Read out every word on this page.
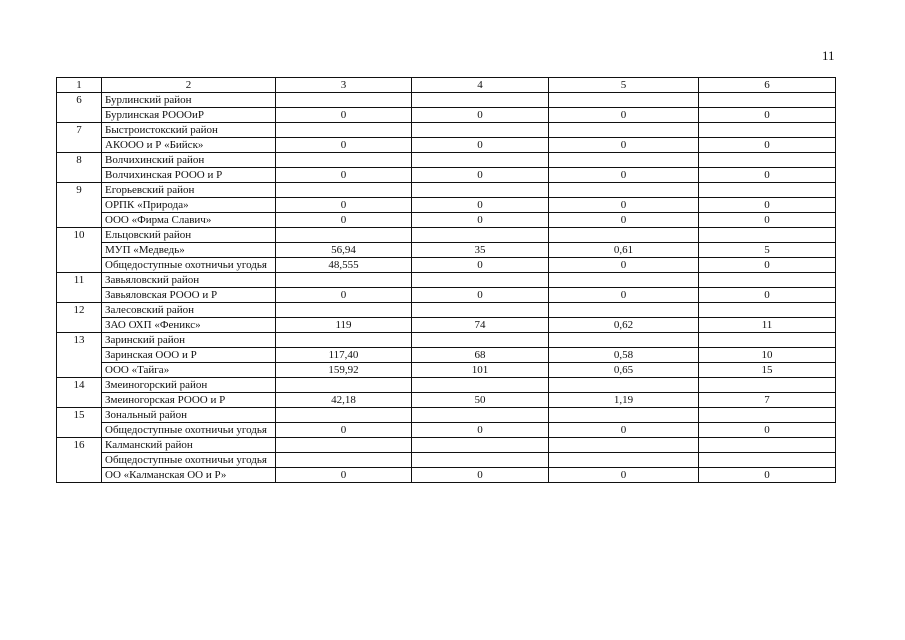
11
1	2	3	4	5	6
6	Бурлинский район				
	Бурлинская РОООиР	0	0	0	0
7	Быстроистокский район				
	АКООО и Р «Бийск»	0	0	0	0
8	Волчихинский район				
	Волчихинская РООО и Р	0	0	0	0
9	Егорьевский район				
	ОРПК «Природа»	0	0	0	0
	ООО «Фирма Славич»	0	0	0	0
10	Ельцовский район				
	МУП «Медведь»	56,94	35	0,61	5
	Общедоступные охотничьи угодья	48,555	0	0	0
11	Завьяловский район				
	Завьяловская РООО и Р	0	0	0	0
12	Залесовский район				
	ЗАО ОХП «Феникс»	119	74	0,62	11
13	Заринский район				
	Заринская ООО и Р	117,40	68	0,58	10
	ООО «Тайга»	159,92	101	0,65	15
14	Змеиногорский район				
	Змеиногорская РООО и Р	42,18	50	1,19	7
15	Зональный район				
	Общедоступные охотничьи угодья	0	0	0	0
16	Калманский район				
	Общедоступные охотничьи угодья				
	ОО «Калманская ОО и Р»	0	0	0	0
